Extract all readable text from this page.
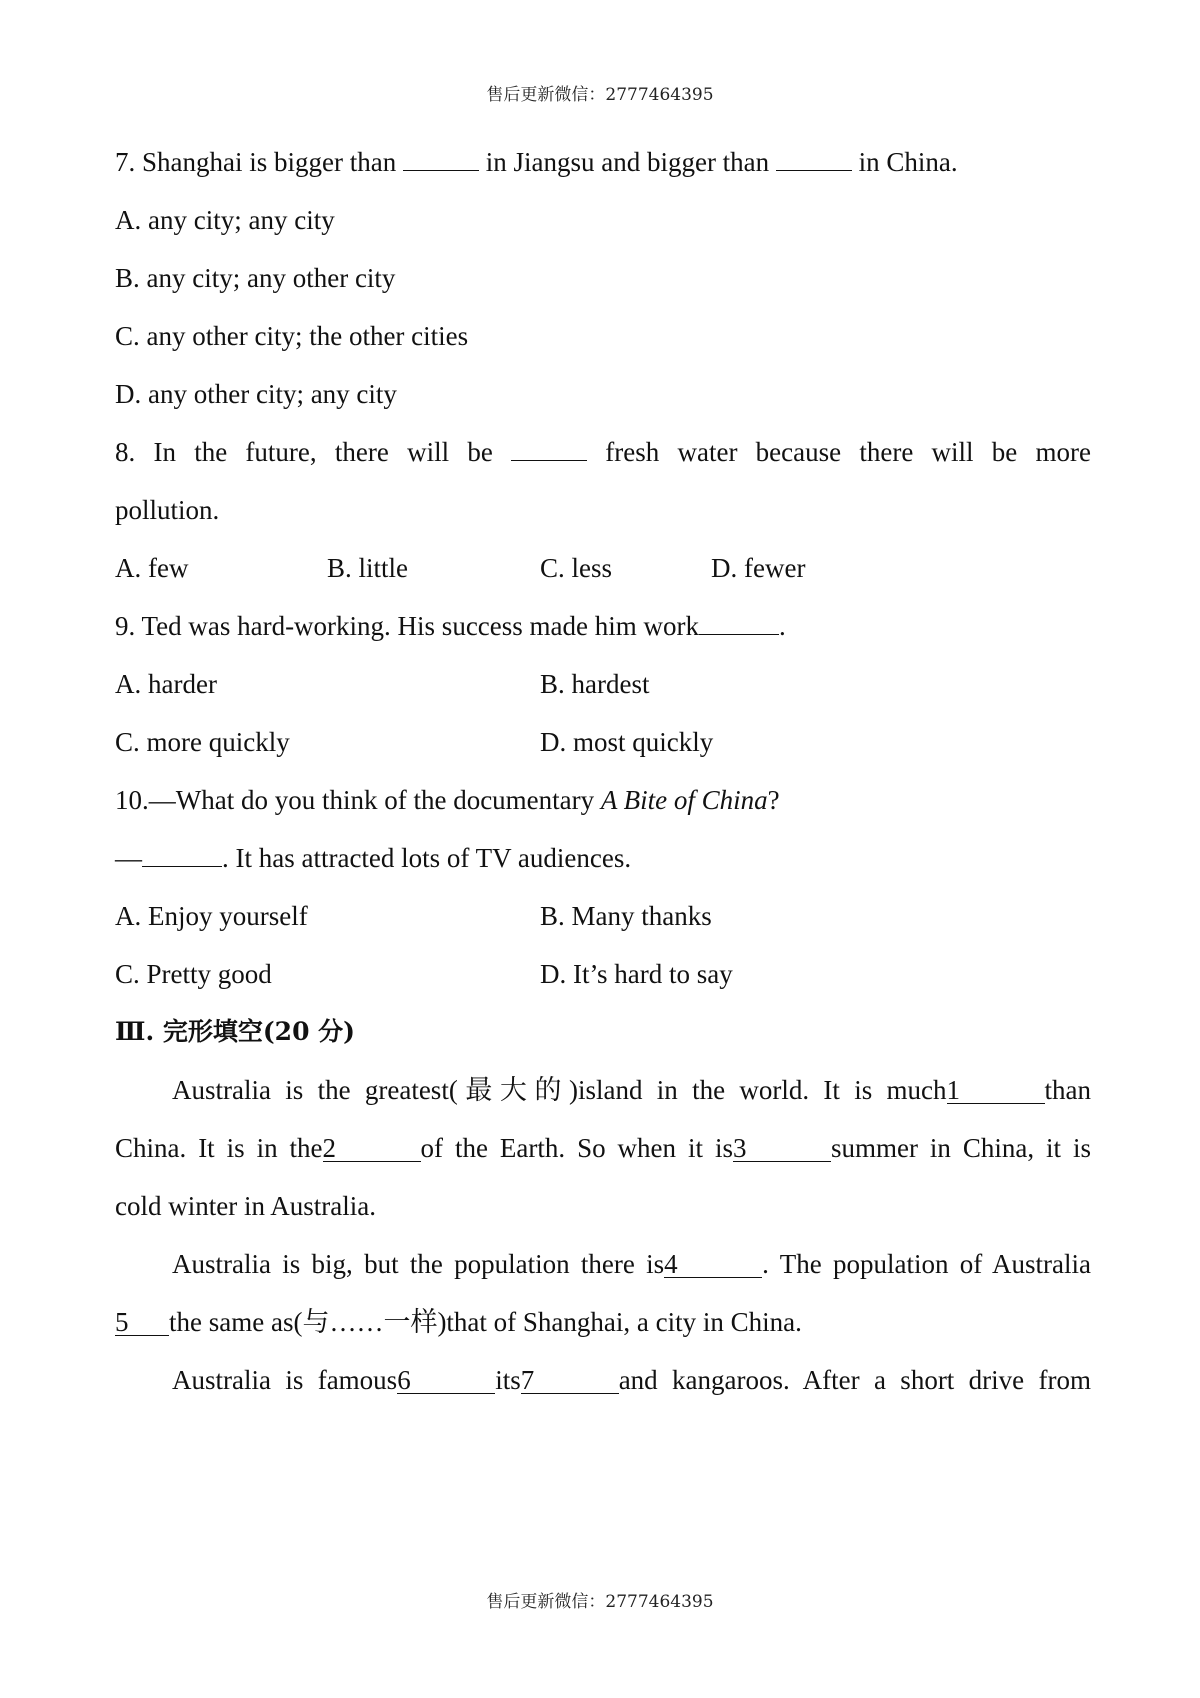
售后更新微信：2777464395
7. Shanghai is bigger than	in Jiangsu and bigger than	in China.
A. any city; any city
B. any city; any other city
C. any other city; the other cities
D. any other city; any city
8. In the future, there will be	fresh water because there will be more
pollution.
A. few	B. little	C. less	D. fewer
9. Ted was hard-working. His success made him work	.
A. harder	B. hardest
C. more quickly	D. most quickly
10.—What do you think of the documentary A Bite of China?
—	. It has attracted lots of TV audiences.
A. Enjoy yourself	B. Many thanks
C. Pretty good	D. It’s hard to say
Ⅲ. 完形填空(20 分)
Australia is the greatest(最大的)island in the world. It is much1	than
China. It is in the2	of the Earth. So when it is3	summer in China, it is
cold winter in Australia.
Australia is big, but the population there is4	. The population of Australia
5 the same as(与……一样)that of Shanghai, a city in China.
Australia is famous6	its7	and kangaroos. After a short drive from
售后更新微信：2777464395
